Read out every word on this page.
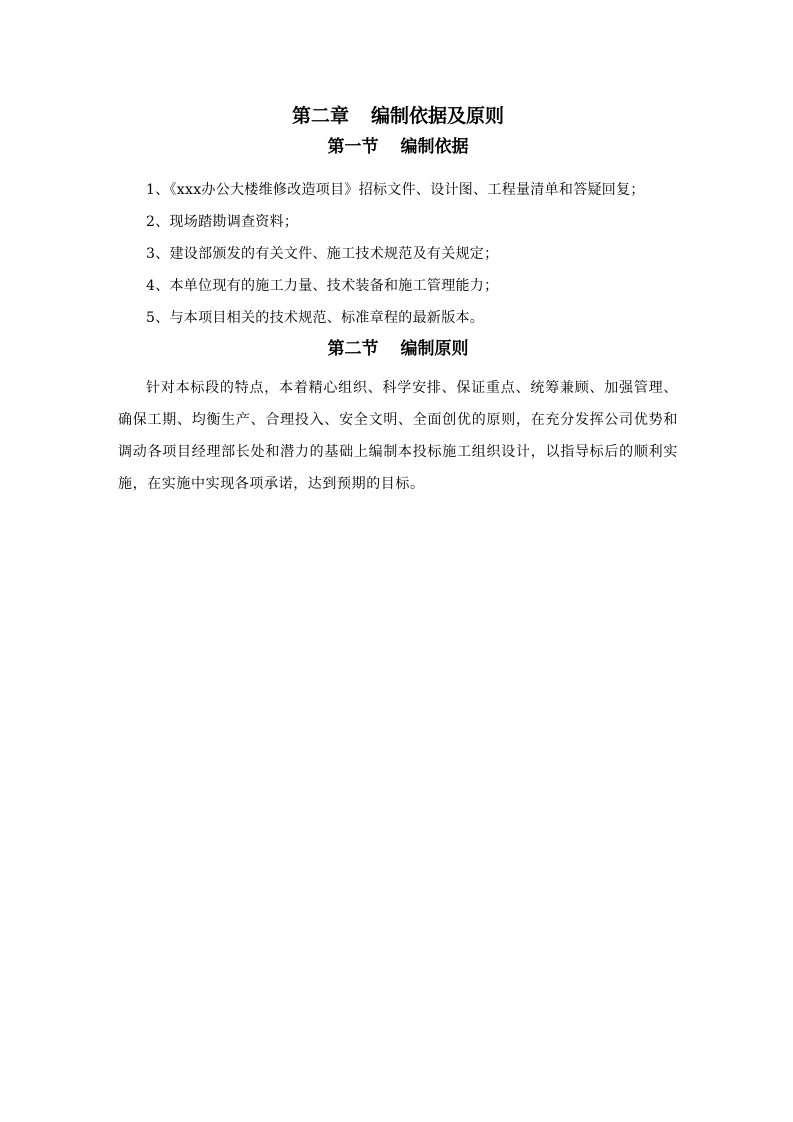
第二章 编制依据及原则
第一节 编制依据
1、《xxx办公大楼维修改造项目》招标文件、设计图、工程量清单和答疑回复；
2、现场踏勘调查资料；
3、建设部颁发的有关文件、施工技术规范及有关规定；
4、本单位现有的施工力量、技术装备和施工管理能力；
5、与本项目相关的技术规范、标准章程的最新版本。
第二节 编制原则

针对本标段的特点，本着精心组织、科学安排、保证重点、统筹兼顾、加强管理、确保工期、均衡生产、合理投入、安全文明、全面创优的原则，在充分发挥公司优势和调动各项目经理部长处和潜力的基础上编制本投标施工组织设计，以指导标后的顺利实施，在实施中实现各项承诺，达到预期的目标。
